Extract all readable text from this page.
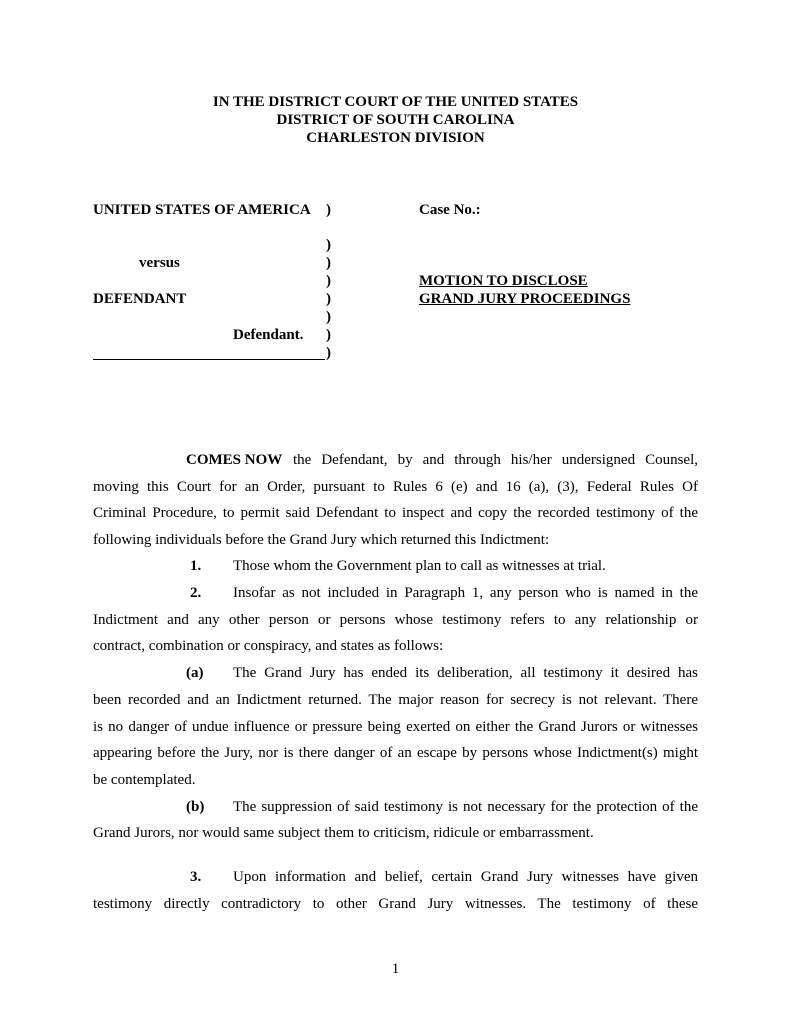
IN THE DISTRICT COURT OF THE UNITED STATES
DISTRICT OF SOUTH CAROLINA
CHARLESTON DIVISION
UNITED STATES OF AMERICA )	Case No.:
)
versus	)
)	MOTION TO DISCLOSE
DEFENDANT	)	GRAND JURY PROCEEDINGS
)
Defendant. )
)
COMES NOW the Defendant, by and through his/her undersigned Counsel,
moving this Court for an Order, pursuant to Rules 6 (e) and 16 (a), (3), Federal Rules Of
Criminal Procedure, to permit said Defendant to inspect and copy the recorded testimony of the
following individuals before the Grand Jury which returned this Indictment:
1. Those whom the Government plan to call as witnesses at trial.
2. Insofar as not included in Paragraph 1, any person who is named in the
Indictment and any other person or persons whose testimony refers to any relationship or
contract, combination or conspiracy, and states as follows:
(a) The Grand Jury has ended its deliberation, all testimony it desired has
been recorded and an Indictment returned. The major reason for secrecy is not relevant. There
is no danger of undue influence or pressure being exerted on either the Grand Jurors or witnesses
appearing before the Jury, nor is there danger of an escape by persons whose Indictment(s) might
be contemplated.
(b) The suppression of said testimony is not necessary for the protection of the
Grand Jurors, nor would same subject them to criticism, ridicule or embarrassment.
3. Upon information and belief, certain Grand Jury witnesses have given
testimony directly contradictory to other Grand Jury witnesses. The testimony of these
1
